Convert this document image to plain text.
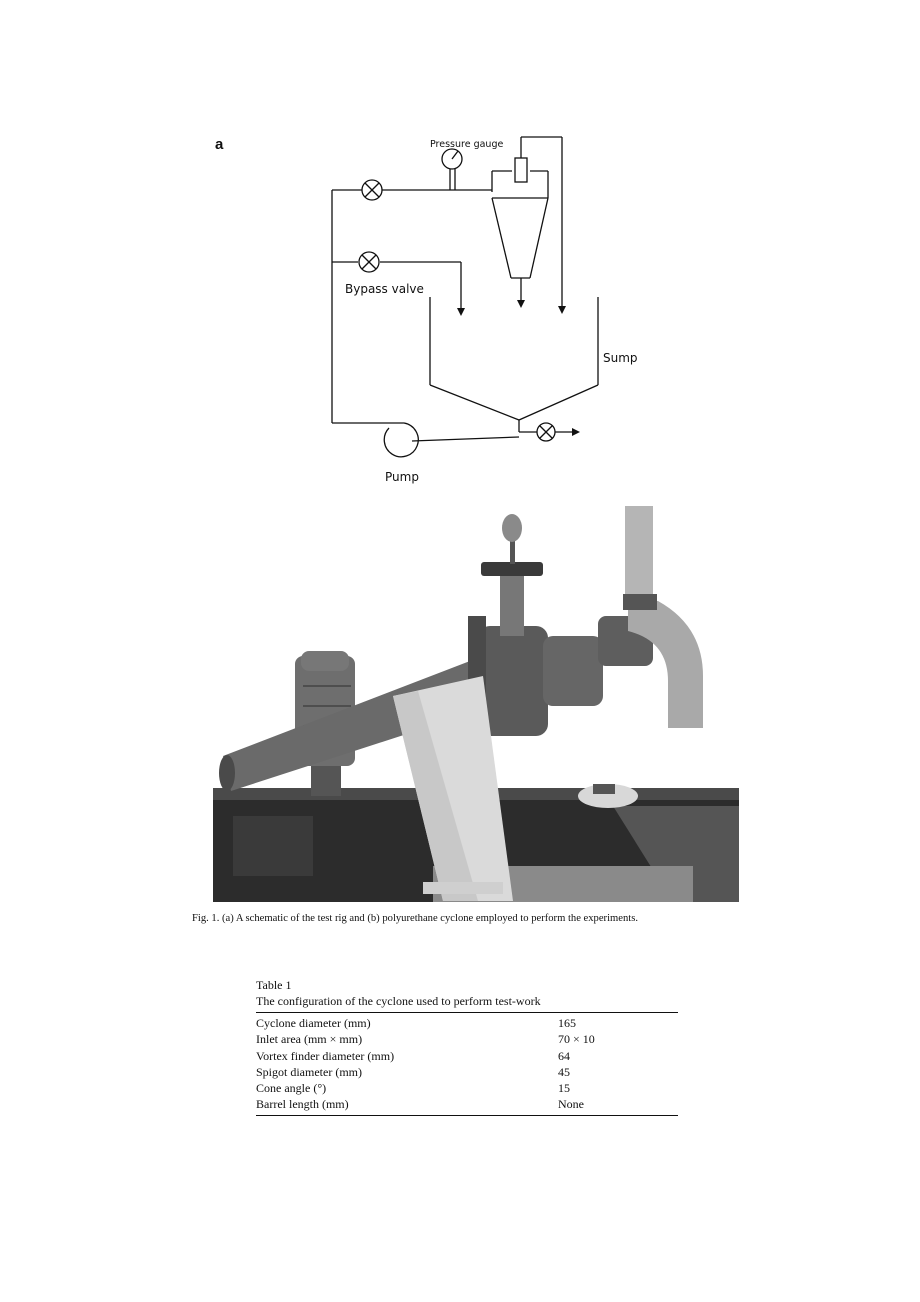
a	Pressure gauge
Bypass valve
Sump
Pump
Fig. 1. (a) A schematic of the test rig and (b) polyurethane cyclone employed to perform the experiments.
Table 1
The configuration of the cyclone used to perform test-work
Cyclone diameter (mm)	165
Inlet area (mm × mm)	70 × 10
Vortex finder diameter (mm)	64
Spigot diameter (mm)	45
Cone angle (°)	15
Barrel length (mm)	None
